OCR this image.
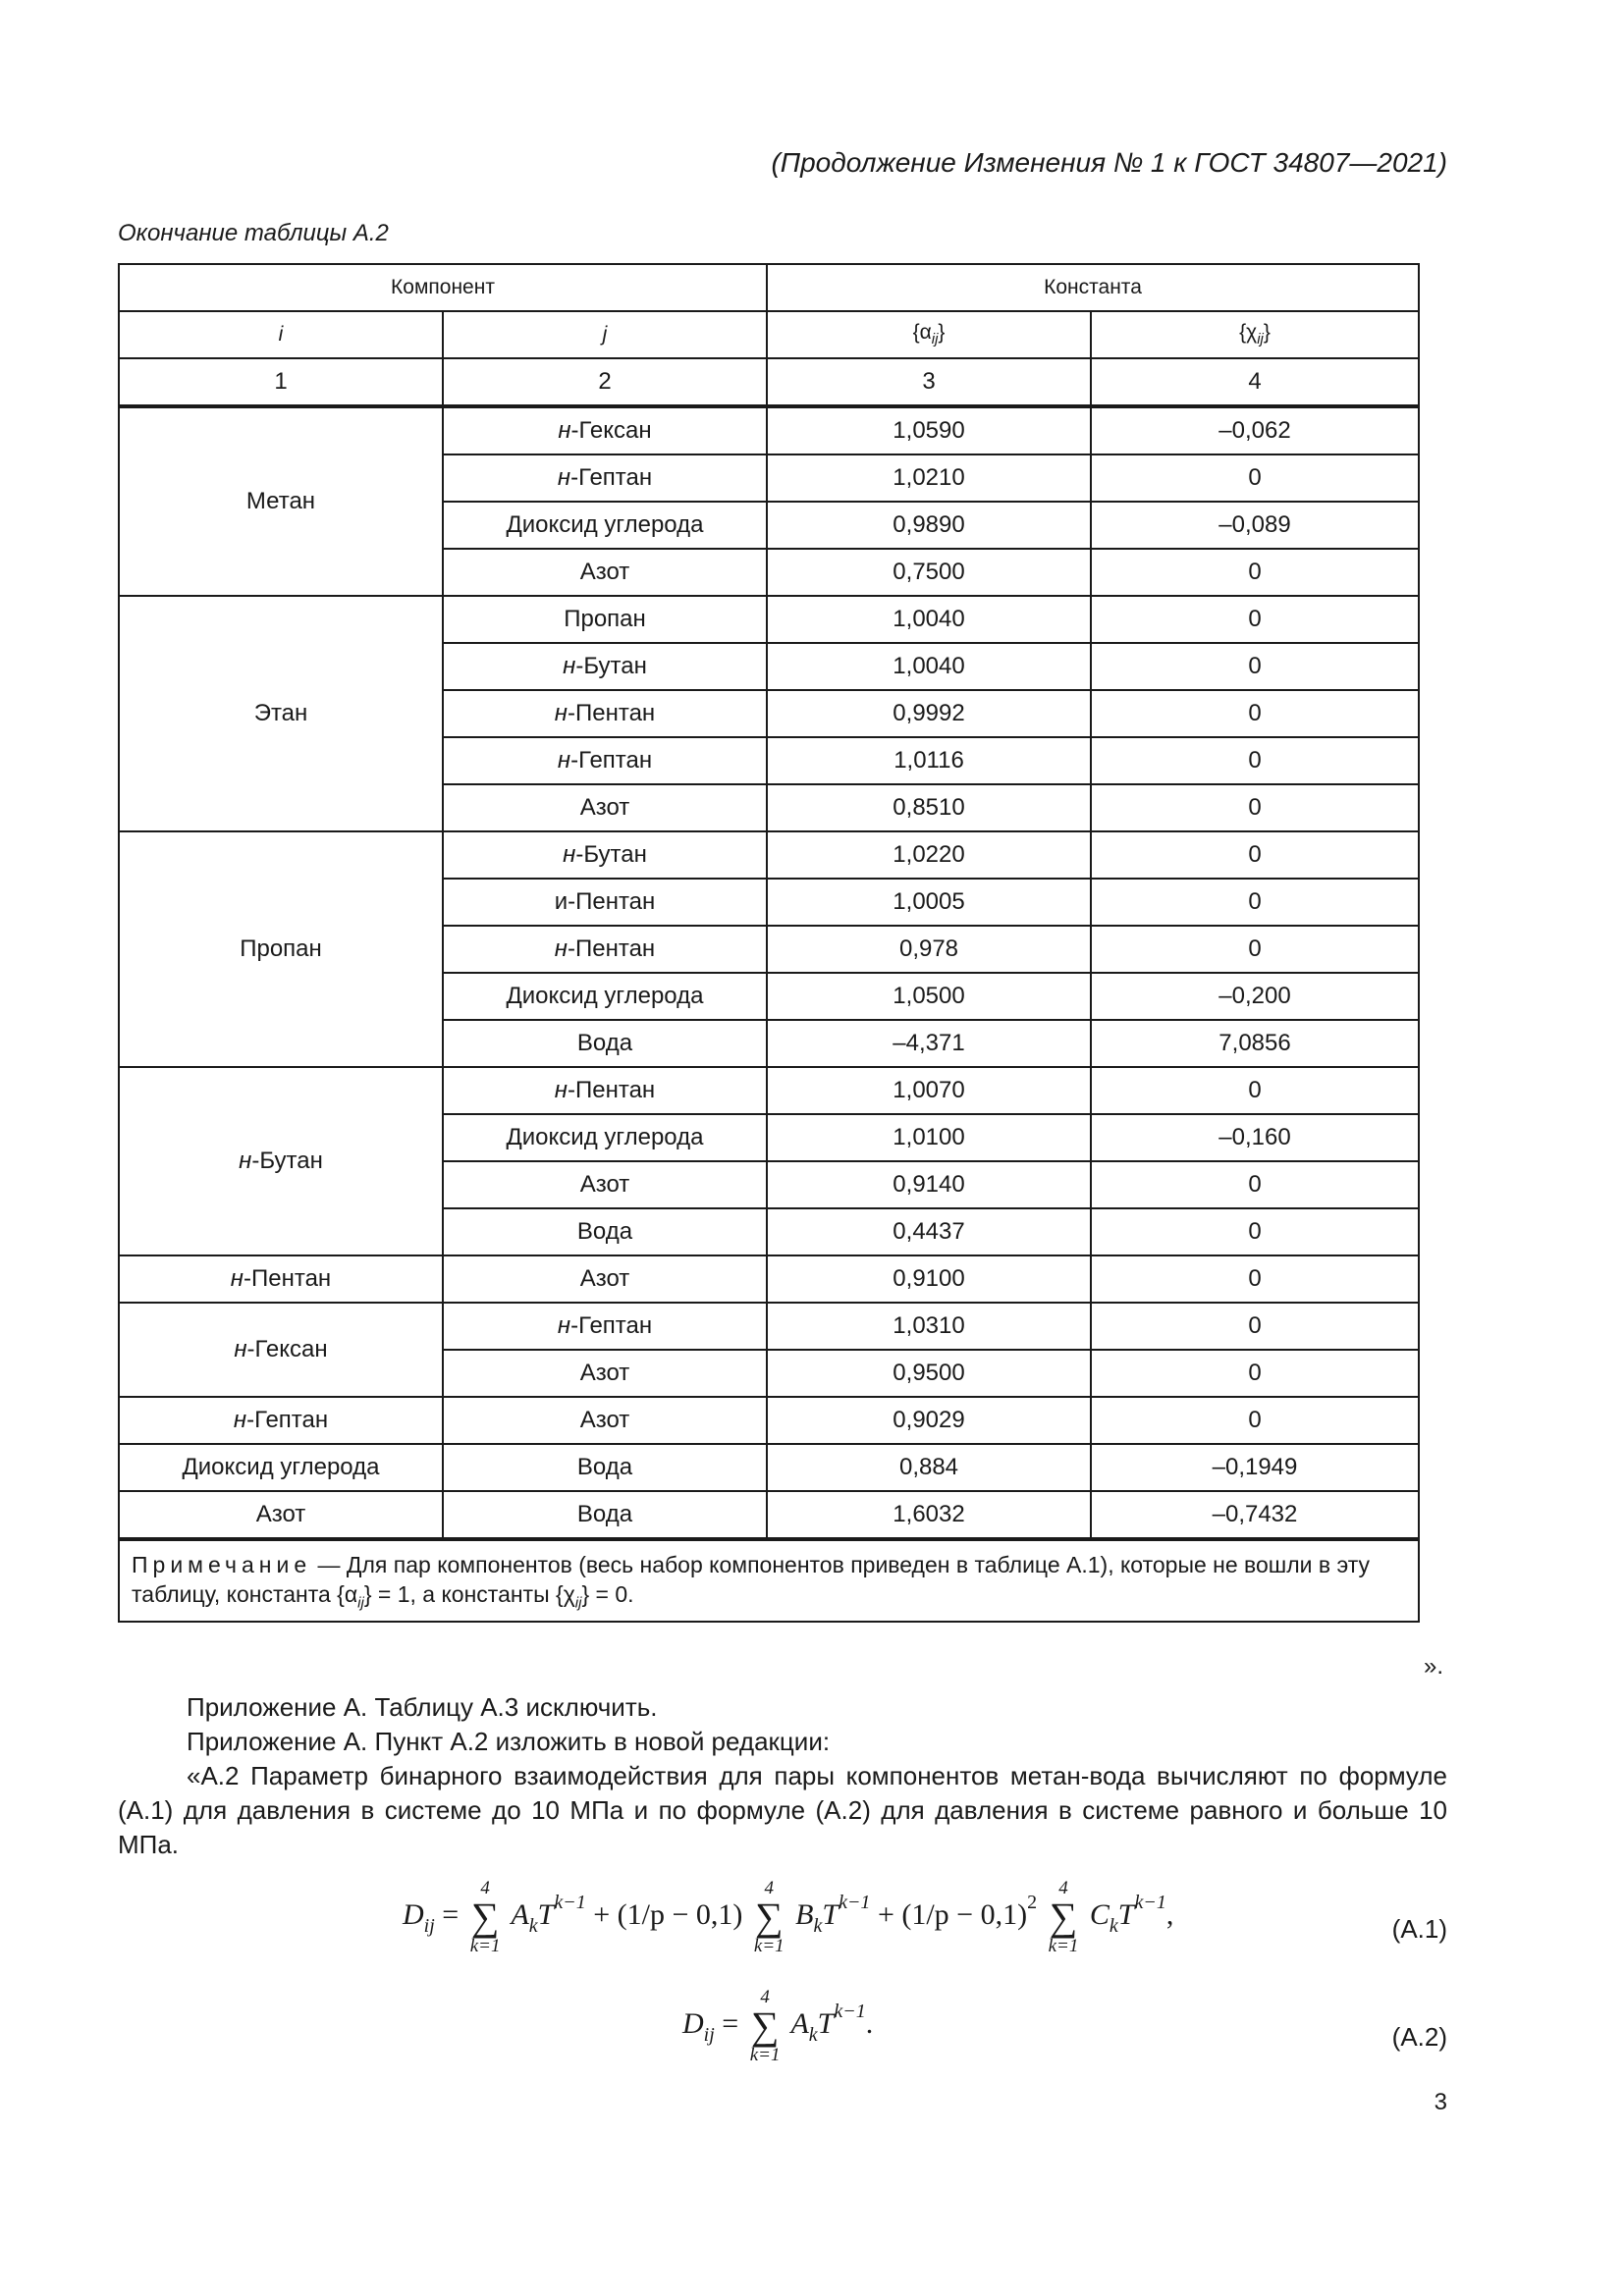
(Продолжение Изменения № 1 к ГОСТ 34807—2021)
Окончание таблицы А.2
Компонент		Константа	
i	j	$\{\alpha_{ij}\}$	$\{\chi_{ij}\}$
1	2	3	4
Метан	н-Гексан	1,0590	–0,062
	н-Гептан	1,0210	0
	Диоксид углерода	0,9890	–0,089
	Азот	0,7500	0
Этан	Пропан	1,0040	0
	н-Бутан	1,0040	0
	н-Пентан	0,9992	0
	н-Гептан	1,0116	0
	Азот	0,8510	0
Пропан	н-Бутан	1,0220	0
	и-Пентан	1,0005	0
	н-Пентан	0,978	0
	Диоксид углерода	1,0500	–0,200
	Вода	–4,371	7,0856
н-Бутан	н-Пентан	1,0070	0
	Диоксид углерода	1,0100	–0,160
	Азот	0,9140	0
	Вода	0,4437	0
н-Пентан	Азот	0,9100	0
н-Гексан	н-Гептан	1,0310	0
	Азот	0,9500	0
н-Гептан	Азот	0,9029	0
Диоксид углерода	Вода	0,884	–0,1949
Азот	Вода	1,6032	–0,7432
Примечание — Для пар компонентов (весь набор компонентов приведен в таблице А.1), которые не вошли в эту таблицу, константа $\{\alpha_{ij}\} = 1$, а константы $\{\chi_{ij}\} = 0$.			
».
Приложение А. Таблицу А.3 исключить.
Приложение А. Пункт А.2 изложить в новой редакции:
«А.2 Параметр бинарного взаимодействия для пары компонентов метан-вода вычисляют по формуле (А.1) для давления в системе до 10 МПа и по формуле (А.2) для давления в системе равного и больше 10 МПа.
$D_{ij}$ =
4
∑
k=1
$A_kT^{k-1} + (1/p - 0,1)$
4
∑
k=1
$B_kT^{k-1} + (1/p - 0,1)^2$
4
∑
k=1
$C_kT^{k-1}$,	(А.1)
$D_{ij}$ =
4
∑
k=1
$A_kT^{k-1}$.	(А.2)
3
